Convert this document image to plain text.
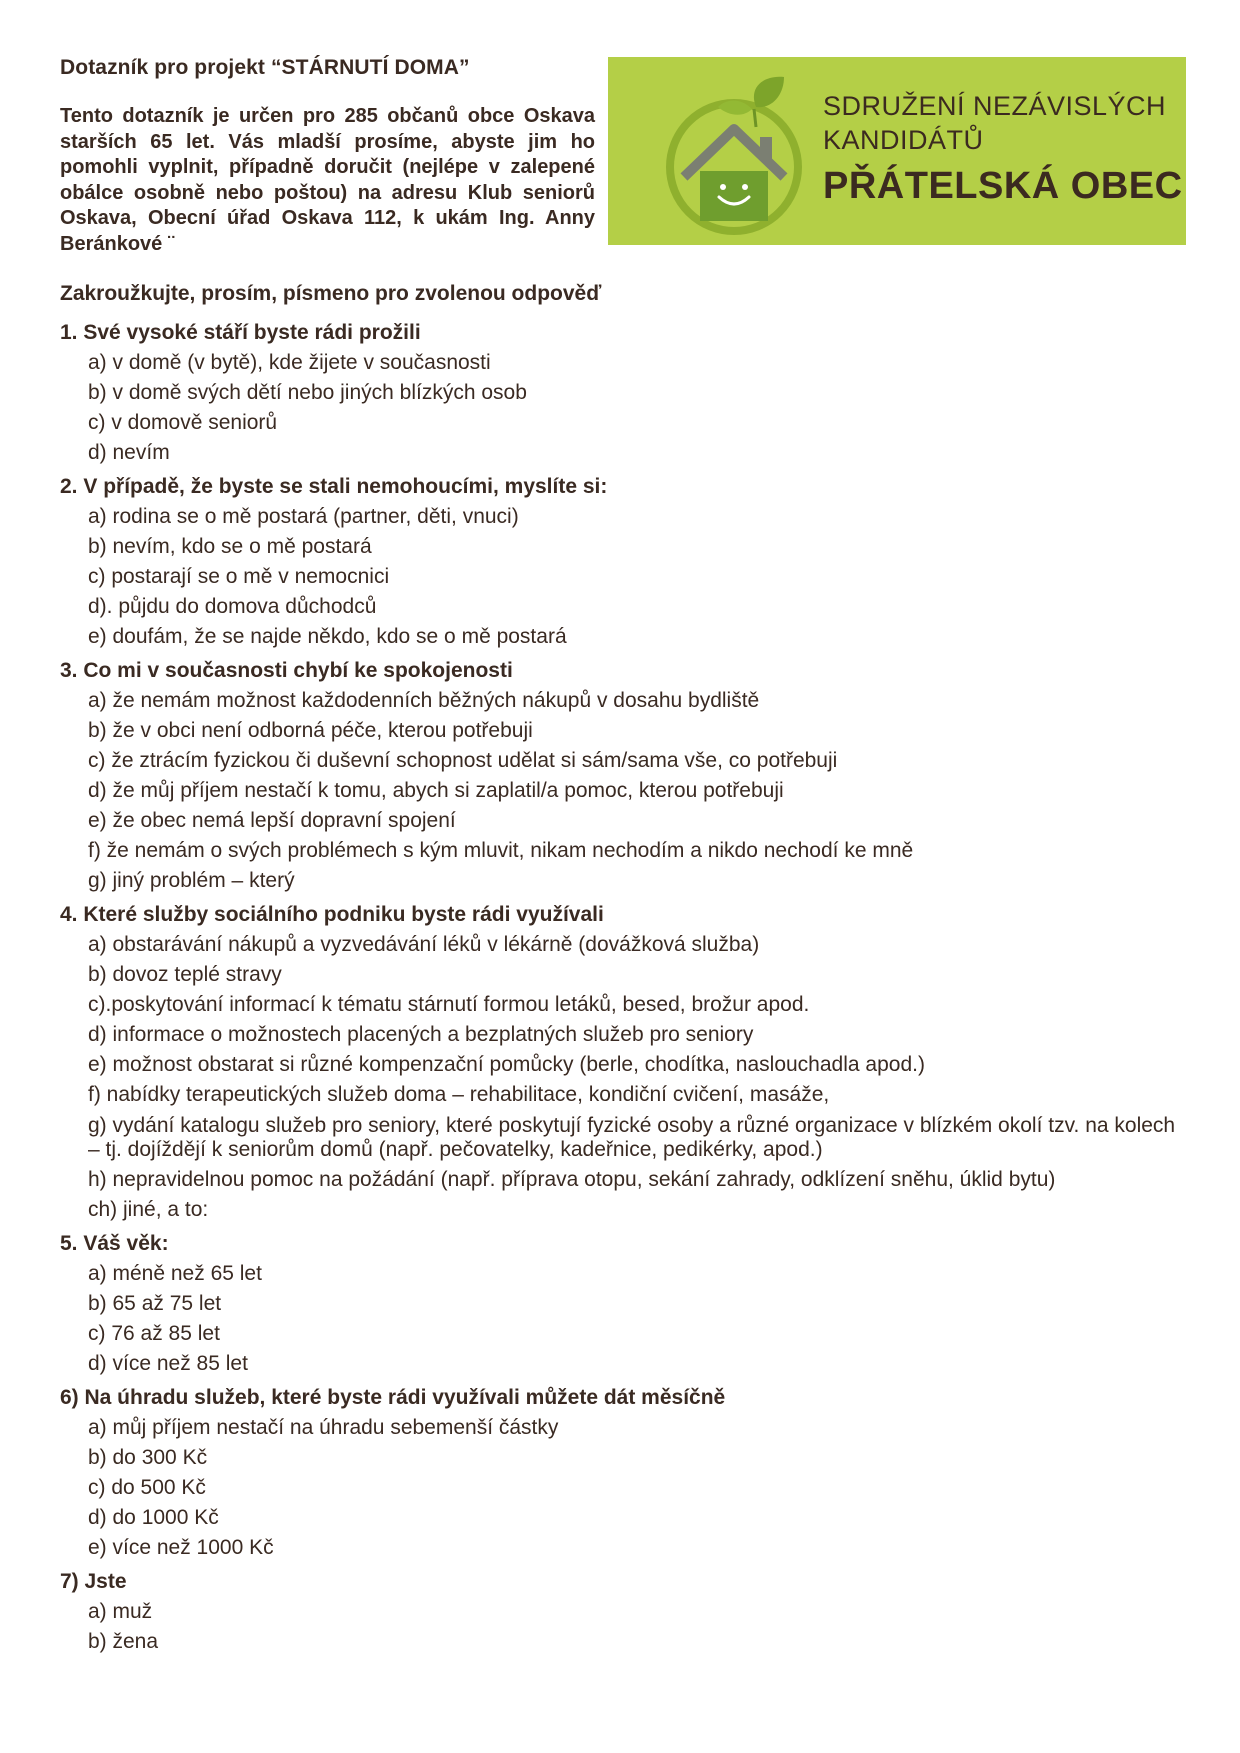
Dotazník pro projekt “STÁRNUTÍ DOMA”

Tento dotazník je určen pro 285 občanů obce Oskava starších 65 let. Vás mladší prosíme, abyste jim ho pomohli vyplnit, případně doručit (nejlépe v zalepené obálce osobně nebo poštou) na adresu Klub seniorů Oskava, Obecní úřad Oskava 112, k ukám Ing. Anny Beránkové ¨

SDRUŽENÍ NEZÁVISLÝCH
KANDIDÁTŮ
PŘÁTELSKÁ OBEC

Zakroužkujte, prosím, písmeno pro zvolenou odpověď

1. Své vysoké stáří byste rádi prožili

a) v domě (v bytě), kde žijete v současnosti
b) v domě svých dětí nebo jiných blízkých osob
c) v domově seniorů
d) nevím

2. V případě, že byste se stali nemohoucími, myslíte si:

a) rodina se o mě postará (partner, děti, vnuci)
b) nevím, kdo se o mě postará
c) postarají se o mě v nemocnici
d). půjdu do domova důchodců
e) doufám, že se najde někdo, kdo se o mě postará

3. Co mi v současnosti chybí ke spokojenosti

a) že nemám možnost každodenních běžných nákupů v dosahu bydliště
b) že v obci není odborná péče, kterou potřebuji
c) že ztrácím fyzickou či duševní schopnost udělat si sám/sama vše, co potřebuji
d) že můj příjem nestačí k tomu, abych si zaplatil/a pomoc, kterou potřebuji
e) že obec nemá lepší dopravní spojení
f) že nemám o svých problémech s kým mluvit, nikam nechodím a nikdo nechodí ke mně
g) jiný problém – který

4. Které služby sociálního podniku byste rádi využívali

a) obstarávání nákupů a vyzvedávání léků v lékárně (dovážková služba)
b) dovoz teplé stravy
c).poskytování informací k tématu stárnutí formou letáků, besed, brožur apod.
d) informace o možnostech placených a bezplatných služeb pro seniory
e) možnost obstarat si různé kompenzační pomůcky (berle, chodítka, naslouchadla apod.)
f) nabídky terapeutických služeb doma – rehabilitace, kondiční cvičení, masáže,
g) vydání katalogu služeb pro seniory, které poskytují fyzické osoby a různé organizace v blízkém okolí tzv. na kolech – tj. dojíždějí k seniorům domů (např. pečovatelky, kadeřnice, pedikérky, apod.)
h) nepravidelnou pomoc na požádání (např. příprava otopu, sekání zahrady, odklízení sněhu, úklid bytu)
ch) jiné, a to:

5. Váš věk:

a) méně než 65 let
b) 65 až 75 let
c) 76 až 85 let
d) více než 85 let

6) Na úhradu služeb, které byste rádi využívali můžete dát měsíčně

a) můj příjem nestačí na úhradu sebemenší částky
b) do 300 Kč
c) do 500 Kč
d) do 1000 Kč
e) více než 1000 Kč

7) Jste

a) muž
b) žena
